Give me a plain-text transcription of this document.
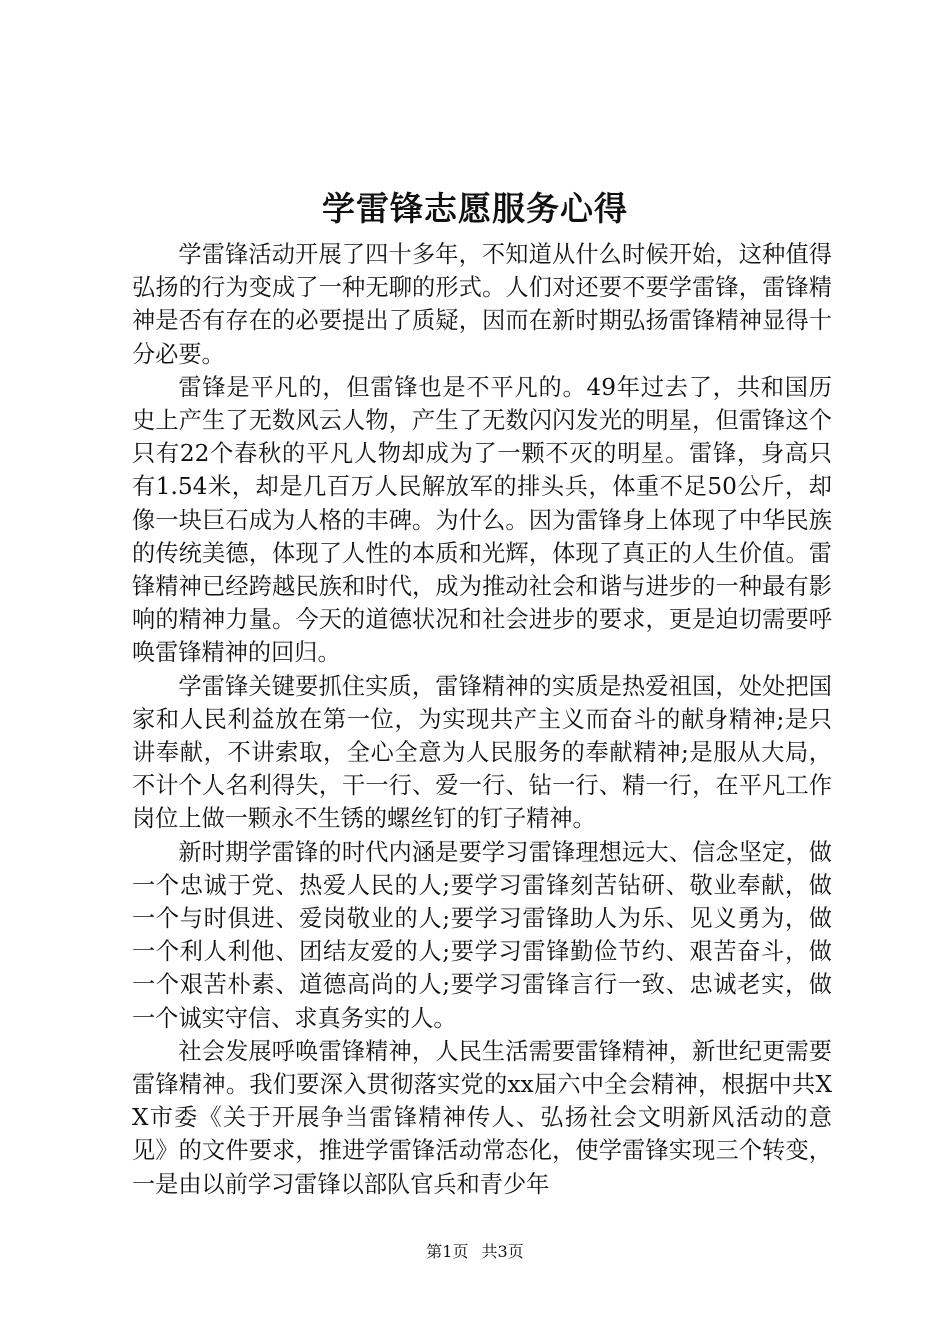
学雷锋志愿服务心得

学雷锋活动开展了四十多年，不知道从什么时候开始，这种值得弘扬的行为变成了一种无聊的形式。人们对还要不要学雷锋，雷锋精神是否有存在的必要提出了质疑，因而在新时期弘扬雷锋精神显得十分必要。

雷锋是平凡的，但雷锋也是不平凡的。49年过去了，共和国历史上产生了无数风云人物，产生了无数闪闪发光的明星，但雷锋这个只有22个春秋的平凡人物却成为了一颗不灭的明星。雷锋，身高只有1.54米，却是几百万人民解放军的排头兵，体重不足50公斤，却像一块巨石成为人格的丰碑。为什么。因为雷锋身上体现了中华民族的传统美德，体现了人性的本质和光辉，体现了真正的人生价值。雷锋精神已经跨越民族和时代，成为推动社会和谐与进步的一种最有影响的精神力量。今天的道德状况和社会进步的要求，更是迫切需要呼唤雷锋精神的回归。

学雷锋关键要抓住实质，雷锋精神的实质是热爱祖国，处处把国家和人民利益放在第一位，为实现共产主义而奋斗的献身精神;是只讲奉献，不讲索取，全心全意为人民服务的奉献精神;是服从大局，不计个人名利得失，干一行、爱一行、钻一行、精一行，在平凡工作岗位上做一颗永不生锈的螺丝钉的钉子精神。

新时期学雷锋的时代内涵是要学习雷锋理想远大、信念坚定，做一个忠诚于党、热爱人民的人;要学习雷锋刻苦钻研、敬业奉献，做一个与时俱进、爱岗敬业的人;要学习雷锋助人为乐、见义勇为，做一个利人利他、团结友爱的人;要学习雷锋勤俭节约、艰苦奋斗，做一个艰苦朴素、道德高尚的人;要学习雷锋言行一致、忠诚老实，做一个诚实守信、求真务实的人。

社会发展呼唤雷锋精神，人民生活需要雷锋精神，新世纪更需要雷锋精神。我们要深入贯彻落实党的xx届六中全会精神，根据中共XX市委《关于开展争当雷锋精神传人、弘扬社会文明新风活动的意见》的文件要求，推进学雷锋活动常态化，使学雷锋实现三个转变，一是由以前学习雷锋以部队官兵和青少年

第1页 共3页
